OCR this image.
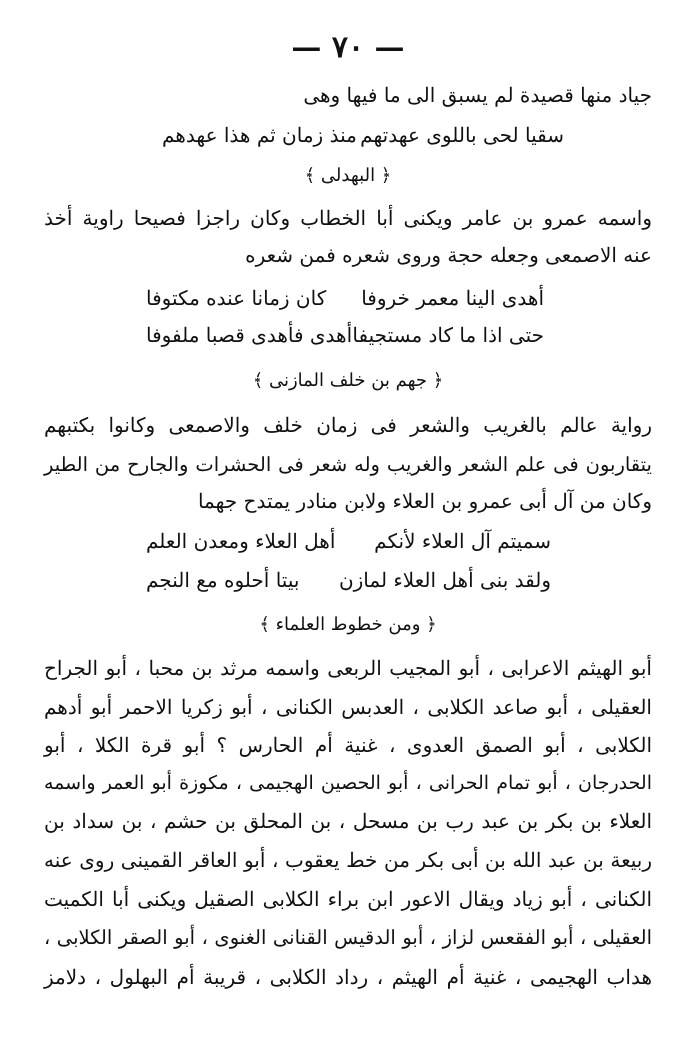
— ٧٠ —
جياد منها قصيدة لم يسبق الى ما فيها وهى
سقيا لحى باللوى عهدتهم
منذ زمان ثم هذا عهدهم
﴿ البهدلى ﴾
واسمه عمرو بن عامر ويكنى أبا الخطاب وكان راجزا فصيحا راوية أخذ
عنه الاصمعى وجعله حجة وروى شعره فمن شعره
أهدى الينا معمر خروفا
كان زمانا عنده مكتوفا
حتى اذا ما كاد مستجيفا
أهدى فأهدى قصبا ملفوفا
﴿ جهم بن خلف المازنى ﴾
رواية عالم بالغريب والشعر فى زمان خلف والاصمعى وكانوا بكتبهم
يتقاربون فى علم الشعر والغريب وله شعر فى الحشرات والجارح من الطير
وكان من آل أبى عمرو بن العلاء ولابن منادر يمتدح جهما
سميتم آل العلاء لأنكم
أهل العلاء ومعدن العلم
ولقد بنى أهل العلاء لمازن
بيتا أحلوه مع النجم
﴿ ومن خطوط العلماء ﴾
أبو الهيثم الاعرابى ، أبو المجيب الربعى واسمه مرثد بن محبا ، أبو الجراح
العقيلى ، أبو صاعد الكلابى ، العدبس الكنانى ، أبو زكريا الاحمر أبو أدهم
الكلابى ، أبو الصمق العدوى ، غنية أم الحارس ؟ أبو قرة الكلا ، أبو
الحدرجان ، أبو تمام الحرانى ، أبو الحصين الهجيمى ، مكوزة أبو العمر واسمه
العلاء بن بكر بن عبد رب بن مسحل ، بن المحلق بن حشم ، بن سداد بن
ربيعة بن عبد الله بن أبى بكر من خط يعقوب ، أبو العاقر القمينى روى عنه
الكنانى ، أبو زياد ويقال الاعور ابن براء الكلابى الصقيل ويكنى أبا الكميت
العقيلى ، أبو الفقعس لزاز ، أبو الدقيس القنانى الغنوى ، أبو الصقر الكلابى ،
هداب الهجيمى ، غنية أم الهيثم ، رداد الكلابى ، قريبة أم البهلول ، دلامز
